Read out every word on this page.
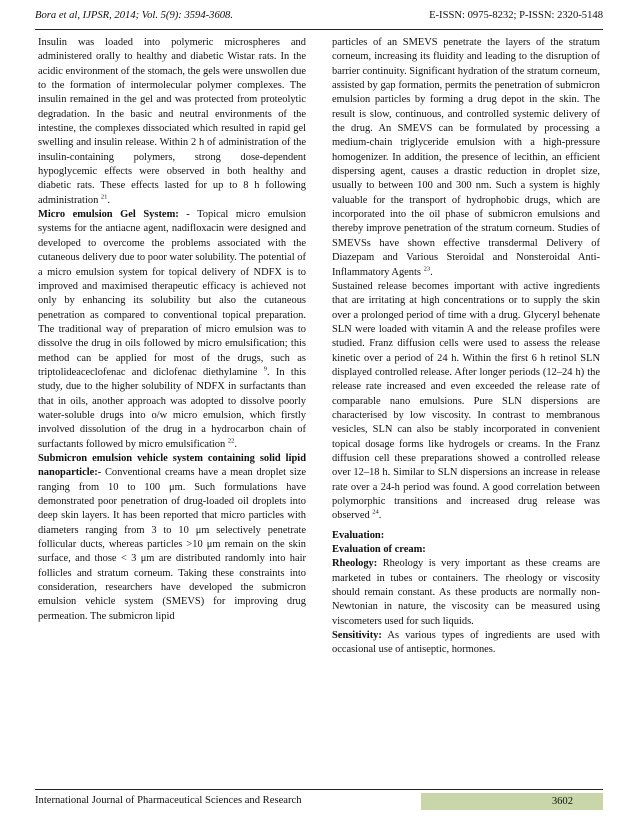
Bora et al, IJPSR, 2014; Vol. 5(9): 3594-3608.	E-ISSN: 0975-8232; P-ISSN: 2320-5148

Insulin was loaded into polymeric microspheres and administered orally to healthy and diabetic Wistar rats. In the acidic environment of the stomach, the gels were unswollen due to the formation of intermolecular polymer complexes. The insulin remained in the gel and was protected from proteolytic degradation. In the basic and neutral environments of the intestine, the complexes dissociated which resulted in rapid gel swelling and insulin release. Within 2 h of administration of the insulin-containing polymers, strong dose-dependent hypoglycemic effects were observed in both healthy and diabetic rats. These effects lasted for up to 8 h following administration $^{21}$.

Micro emulsion Gel System: - Topical micro emulsion systems for the antiacne agent, nadifloxacin were designed and developed to overcome the problems associated with the cutaneous delivery due to poor water solubility. The potential of a micro emulsion system for topical delivery of NDFX is to improved and maximised therapeutic efficacy is achieved not only by enhancing its solubility but also the cutaneous penetration as compared to conventional topical preparation. The traditional way of preparation of micro emulsion was to dissolve the drug in oils followed by micro emulsification; this method can be applied for most of the drugs, such as triptolideaceclofenac and diclofenac diethylamine $^9$. In this study, due to the higher solubility of NDFX in surfactants than that in oils, another approach was adopted to dissolve poorly water-soluble drugs into o/w micro emulsion, which firstly involved dissolution of the drug in a hydrocarbon chain of surfactants followed by micro emulsification $^{22}$.

Submicron emulsion vehicle system containing solid lipid nanoparticle:- Conventional creams have a mean droplet size ranging from 10 to 100 μm. Such formulations have demonstrated poor penetration of drug-loaded oil droplets into deep skin layers. It has been reported that micro particles with diameters ranging from 3 to 10 μm selectively penetrate follicular ducts, whereas particles >10 μm remain on the skin surface, and those < 3 μm are distributed randomly into hair follicles and stratum corneum. Taking these constraints into consideration, researchers have developed the submicron emulsion vehicle system (SMEVS) for improving drug permeation. The submicron lipid

particles of an SMEVS penetrate the layers of the stratum corneum, increasing its fluidity and leading to the disruption of barrier continuity. Significant hydration of the stratum corneum, assisted by gap formation, permits the penetration of submicron emulsion particles by forming a drug depot in the skin. The result is slow, continuous, and controlled systemic delivery of the drug. An SMEVS can be formulated by processing a medium-chain triglyceride emulsion with a high-pressure homogenizer. In addition, the presence of lecithin, an efficient dispersing agent, causes a drastic reduction in droplet size, usually to between 100 and 300 nm. Such a system is highly valuable for the transport of hydrophobic drugs, which are incorporated into the oil phase of submicron emulsions and thereby improve penetration of the stratum corneum. Studies of SMEVSs have shown effective transdermal Delivery of Diazepam and Various Steroidal and Nonsteroidal Anti-Inflammatory Agents $^{23}$.

Sustained release becomes important with active ingredients that are irritating at high concentrations or to supply the skin over a prolonged period of time with a drug. Glyceryl behenate SLN were loaded with vitamin A and the release profiles were studied. Franz diffusion cells were used to assess the release kinetic over a period of 24 h. Within the first 6 h retinol SLN displayed controlled release. After longer periods (12–24 h) the release rate increased and even exceeded the release rate of comparable nano emulsions. Pure SLN dispersions are characterised by low viscosity. In contrast to membranous vesicles, SLN can also be stably incorporated in convenient topical dosage forms like hydrogels or creams. In the Franz diffusion cell these preparations showed a controlled release over 12–18 h. Similar to SLN dispersions an increase in release rate over a 24-h period was found. A good correlation between polymorphic transitions and increased drug release was observed $^{24}$.

Evaluation:

Evaluation of cream:

Rheology: Rheology is very important as these creams are marketed in tubes or containers. The rheology or viscosity should remain constant. As these products are normally non-Newtonian in nature, the viscosity can be measured using viscometers used for such liquids.

Sensitivity: As various types of ingredients are used with occasional use of antiseptic, hormones.

International Journal of Pharmaceutical Sciences and Research	3602
